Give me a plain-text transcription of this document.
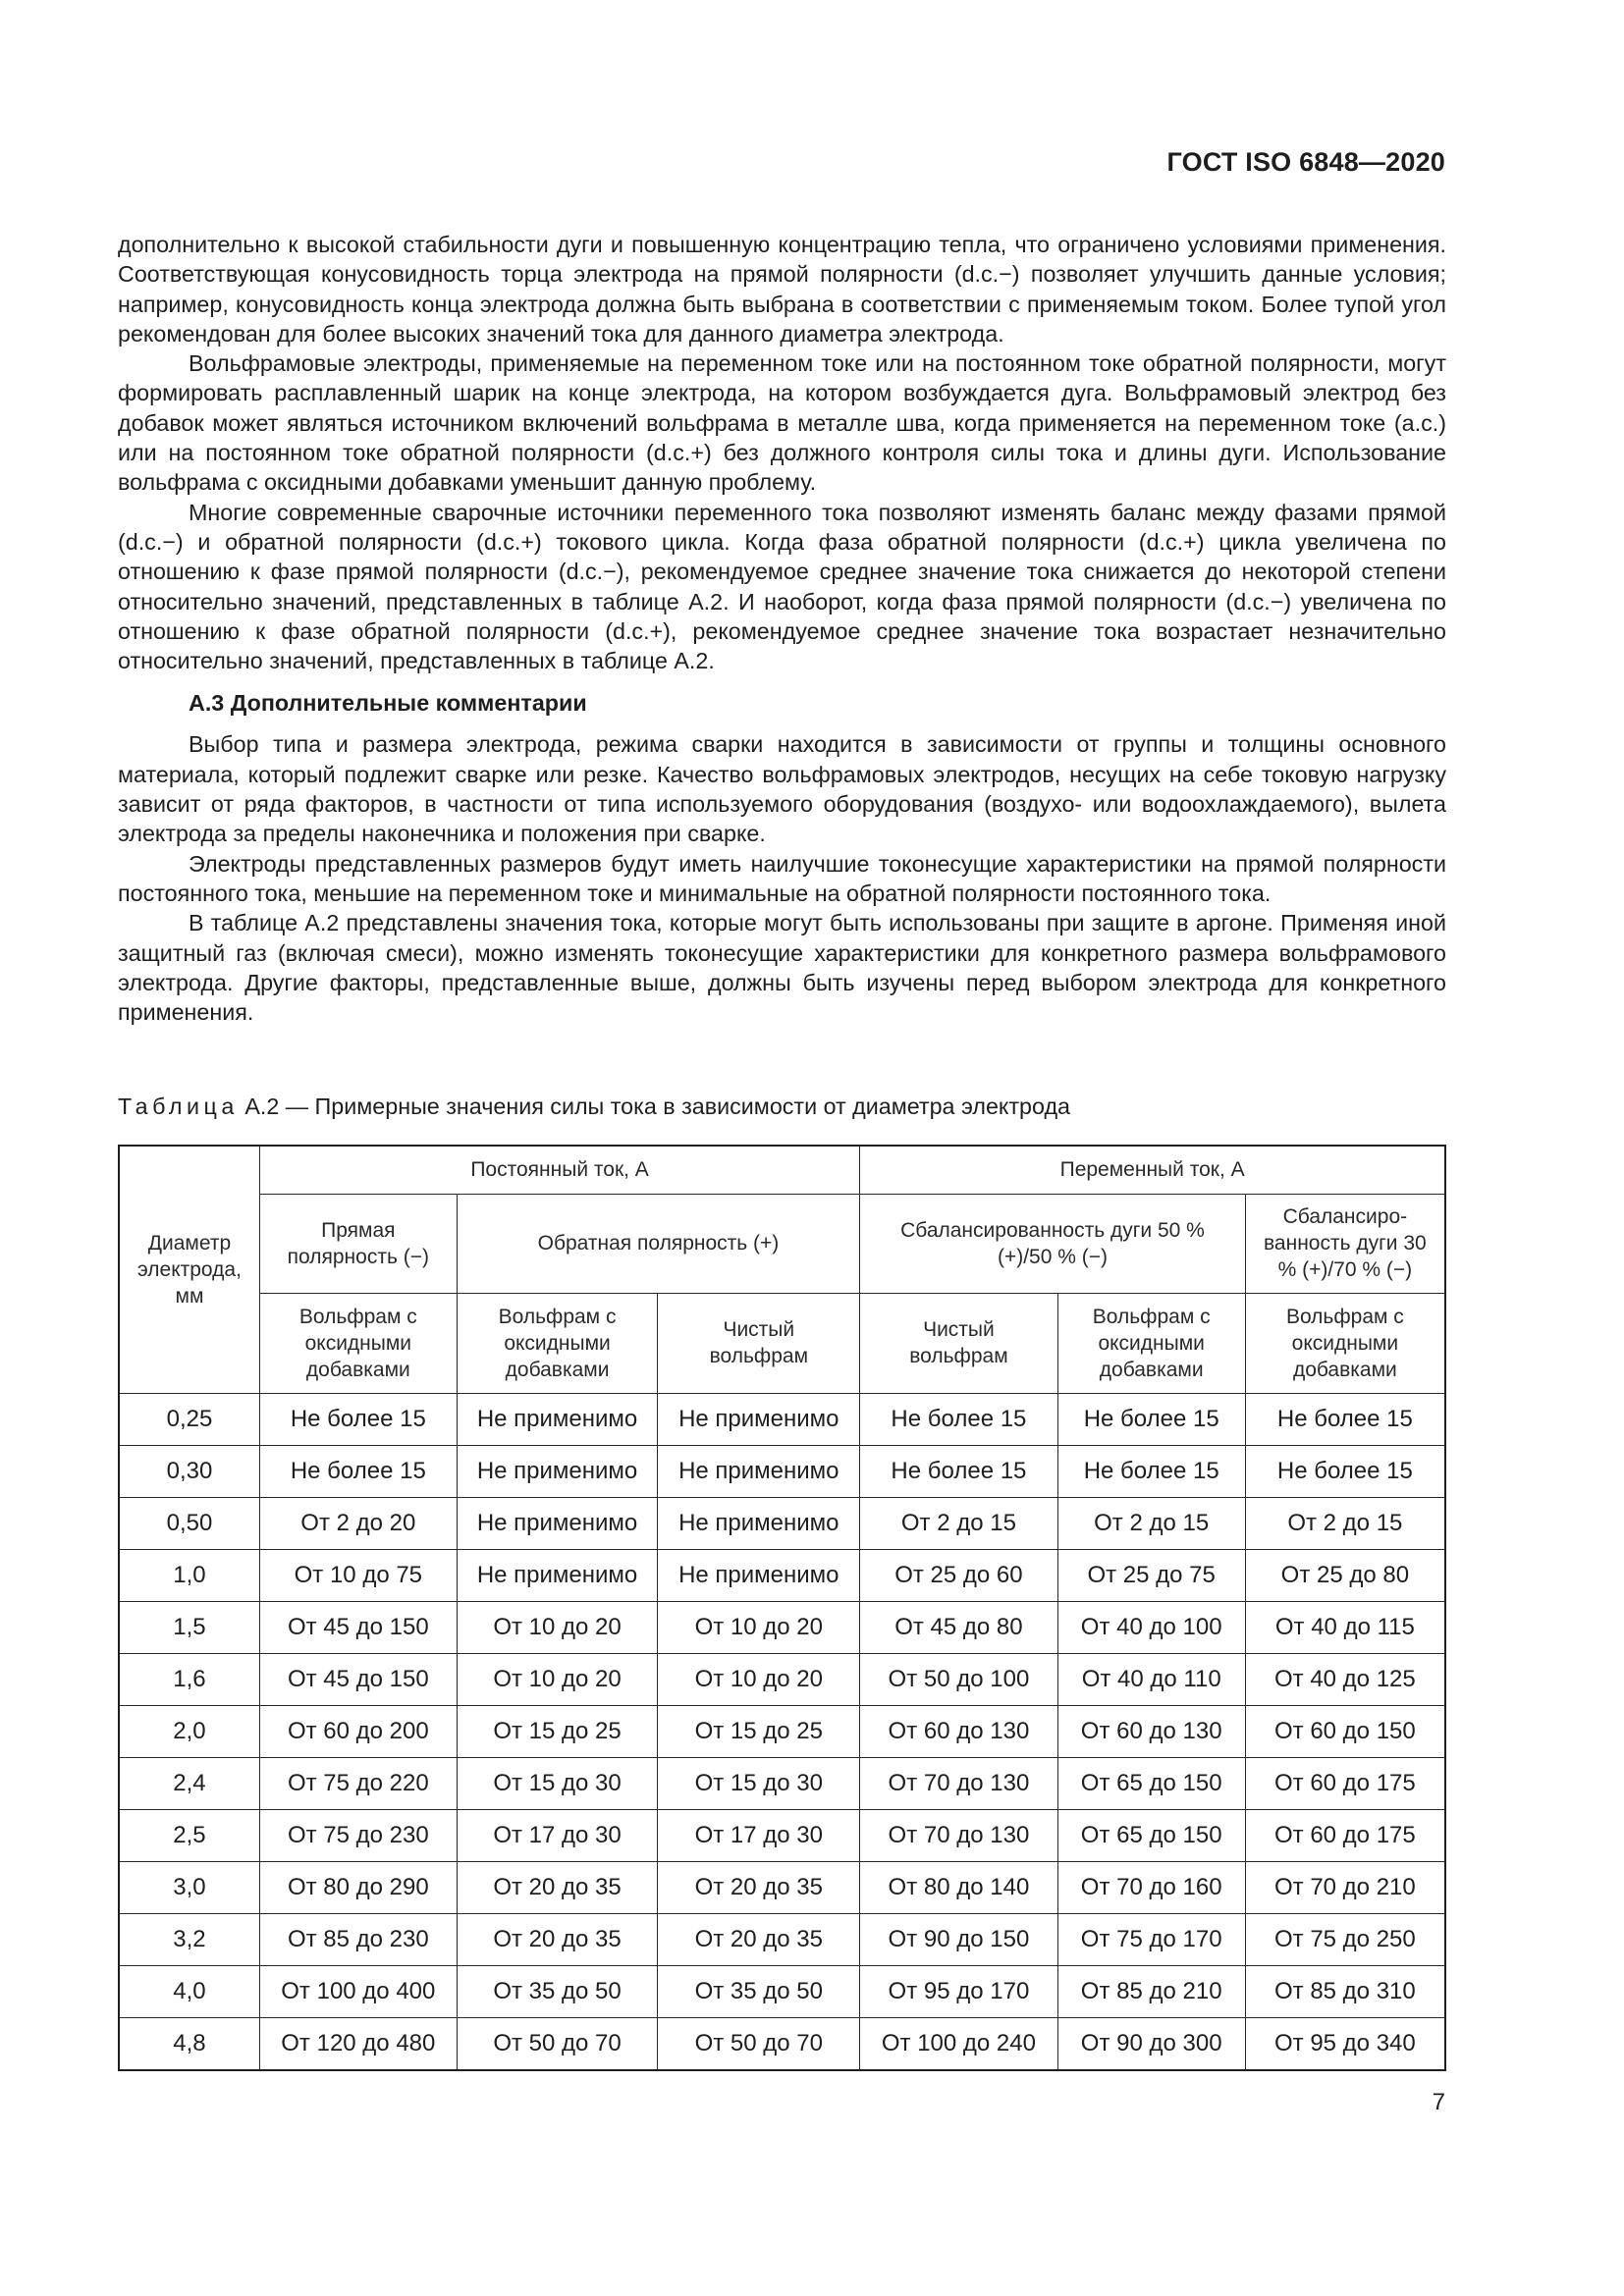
ГОСТ ISO 6848—2020

дополнительно к высокой стабильности дуги и повышенную концентрацию тепла, что ограничено условиями применения. Соответствующая конусовидность торца электрода на прямой полярности (d.c.−) позволяет улучшить данные условия; например, конусовидность конца электрода должна быть выбрана в соответствии с применяемым током. Более тупой угол рекомендован для более высоких значений тока для данного диаметра электрода.

Вольфрамовые электроды, применяемые на переменном токе или на постоянном токе обратной полярности, могут формировать расплавленный шарик на конце электрода, на котором возбуждается дуга. Вольфрамовый электрод без добавок может являться источником включений вольфрама в металле шва, когда применяется на переменном токе (a.c.) или на постоянном токе обратной полярности (d.c.+) без должного контроля силы тока и длины дуги. Использование вольфрама с оксидными добавками уменьшит данную проблему.

Многие современные сварочные источники переменного тока позволяют изменять баланс между фазами прямой (d.c.−) и обратной полярности (d.c.+) токового цикла. Когда фаза обратной полярности (d.c.+) цикла увеличена по отношению к фазе прямой полярности (d.c.−), рекомендуемое среднее значение тока снижается до некоторой степени относительно значений, представленных в таблице А.2. И наоборот, когда фаза прямой полярности (d.c.−) увеличена по отношению к фазе обратной полярности (d.c.+), рекомендуемое среднее значение тока возрастает незначительно относительно значений, представленных в таблице А.2.

А.3 Дополнительные комментарии

Выбор типа и размера электрода, режима сварки находится в зависимости от группы и толщины основного материала, который подлежит сварке или резке. Качество вольфрамовых электродов, несущих на себе токовую нагрузку зависит от ряда факторов, в частности от типа используемого оборудования (воздухо- или водоохлаждаемого), вылета электрода за пределы наконечника и положения при сварке.

Электроды представленных размеров будут иметь наилучшие токонесущие характеристики на прямой полярности постоянного тока, меньшие на переменном токе и минимальные на обратной полярности постоянного тока.

В таблице А.2 представлены значения тока, которые могут быть использованы при защите в аргоне. Применяя иной защитный газ (включая смеси), можно изменять токонесущие характеристики для конкретного размера вольфрамового электрода. Другие факторы, представленные выше, должны быть изучены перед выбором электрода для конкретного применения.

Таблица А.2 — Примерные значения силы тока в зависимости от диаметра электрода
Диаметр электрода, мм	Постоянный ток, А			Переменный ток, А		
	Прямая полярность (−)	Обратная полярность (+)		Сбалансированность дуги 50 % (+)/50 % (−)		Сбалансиро-ванность дуги 30 % (+)/70 % (−)
	Вольфрам с оксидными добавками	Вольфрам с оксидными добавками	Чистый вольфрам	Чистый вольфрам	Вольфрам с оксидными добавками	Вольфрам с оксидными добавками
0,25	Не более 15	Не применимо	Не применимо	Не более 15	Не более 15	Не более 15
0,30	Не более 15	Не применимо	Не применимо	Не более 15	Не более 15	Не более 15
0,50	От 2 до 20	Не применимо	Не применимо	От 2 до 15	От 2 до 15	От 2 до 15
1,0	От 10 до 75	Не применимо	Не применимо	От 25 до 60	От 25 до 75	От 25 до 80
1,5	От 45 до 150	От 10 до 20	От 10 до 20	От 45 до 80	От 40 до 100	От 40 до 115
1,6	От 45 до 150	От 10 до 20	От 10 до 20	От 50 до 100	От 40 до 110	От 40 до 125
2,0	От 60 до 200	От 15 до 25	От 15 до 25	От 60 до 130	От 60 до 130	От 60 до 150
2,4	От 75 до 220	От 15 до 30	От 15 до 30	От 70 до 130	От 65 до 150	От 60 до 175
2,5	От 75 до 230	От 17 до 30	От 17 до 30	От 70 до 130	От 65 до 150	От 60 до 175
3,0	От 80 до 290	От 20 до 35	От 20 до 35	От 80 до 140	От 70 до 160	От 70 до 210
3,2	От 85 до 230	От 20 до 35	От 20 до 35	От 90 до 150	От 75 до 170	От 75 до 250
4,0	От 100 до 400	От 35 до 50	От 35 до 50	От 95 до 170	От 85 до 210	От 85 до 310
4,8	От 120 до 480	От 50 до 70	От 50 до 70	От 100 до 240	От 90 до 300	От 95 до 340
7
